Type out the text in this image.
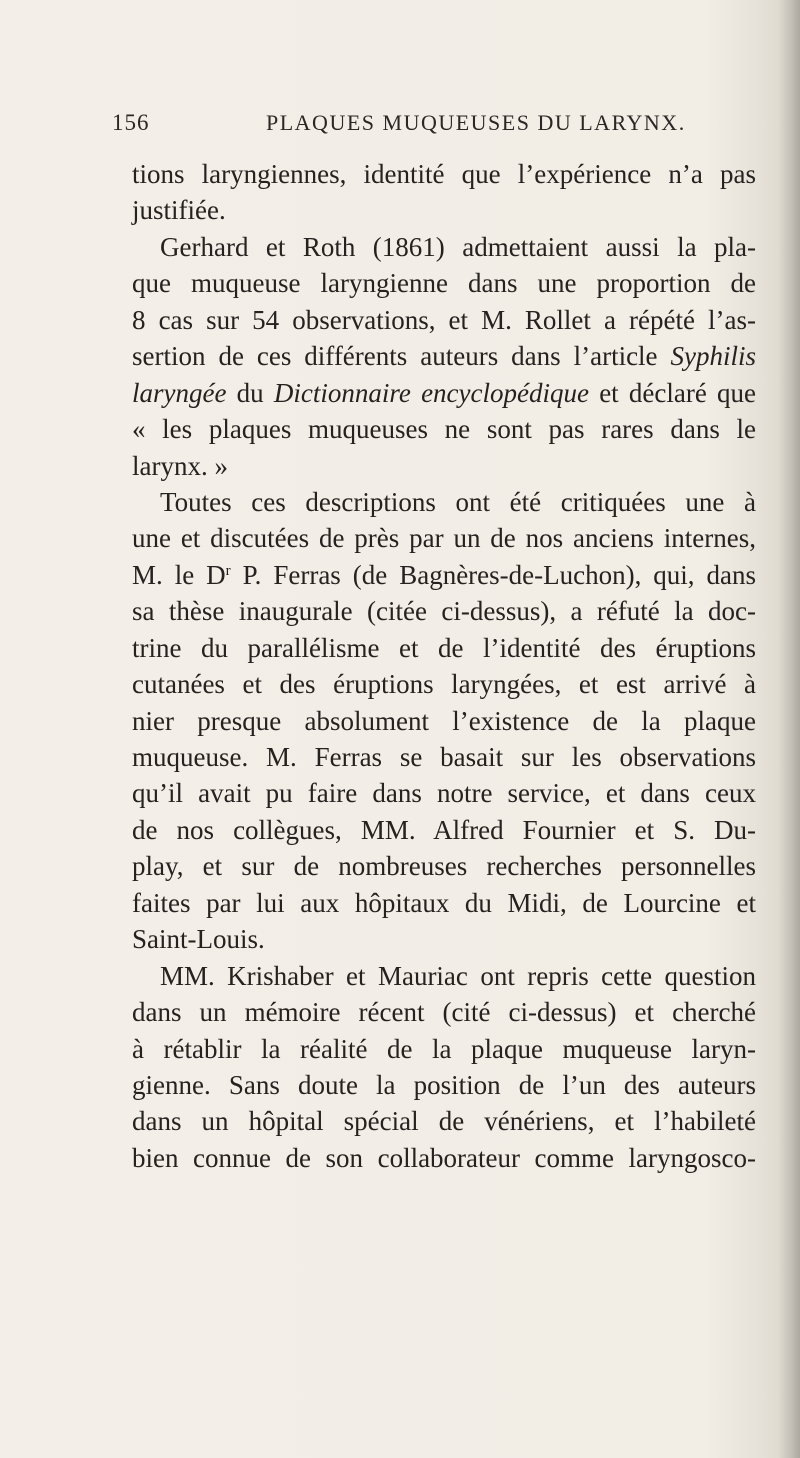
156	PLAQUES MUQUEUSES DU LARYNX.
tions laryngiennes, identité que l’expérience n’a pas
justifiée.
Gerhard et Roth (1861) admettaient aussi la pla-
que muqueuse laryngienne dans une proportion de
8 cas sur 54 observations, et M. Rollet a répété l’as-
sertion de ces différents auteurs dans l’article Syphilis
laryngée du Dictionnaire encyclopédique et déclaré que
« les plaques muqueuses ne sont pas rares dans le
larynx. »
Toutes ces descriptions ont été critiquées une à
une et discutées de près par un de nos anciens internes,
M. le $D^r$ P. Ferras (de Bagnères-de-Luchon), qui, dans
sa thèse inaugurale (citée ci-dessus), a réfuté la doc-
trine du parallélisme et de l’identité des éruptions
cutanées et des éruptions laryngées, et est arrivé à
nier presque absolument l’existence de la plaque
muqueuse. M. Ferras se basait sur les observations
qu’il avait pu faire dans notre service, et dans ceux
de nos collègues, MM. Alfred Fournier et S. Du-
play, et sur de nombreuses recherches personnelles
faites par lui aux hôpitaux du Midi, de Lourcine et
Saint-Louis.
MM. Krishaber et Mauriac ont repris cette question
dans un mémoire récent (cité ci-dessus) et cherché
à rétablir la réalité de la plaque muqueuse laryn-
gienne. Sans doute la position de l’un des auteurs
dans un hôpital spécial de vénériens, et l’habileté
bien connue de son collaborateur comme laryngosco-
